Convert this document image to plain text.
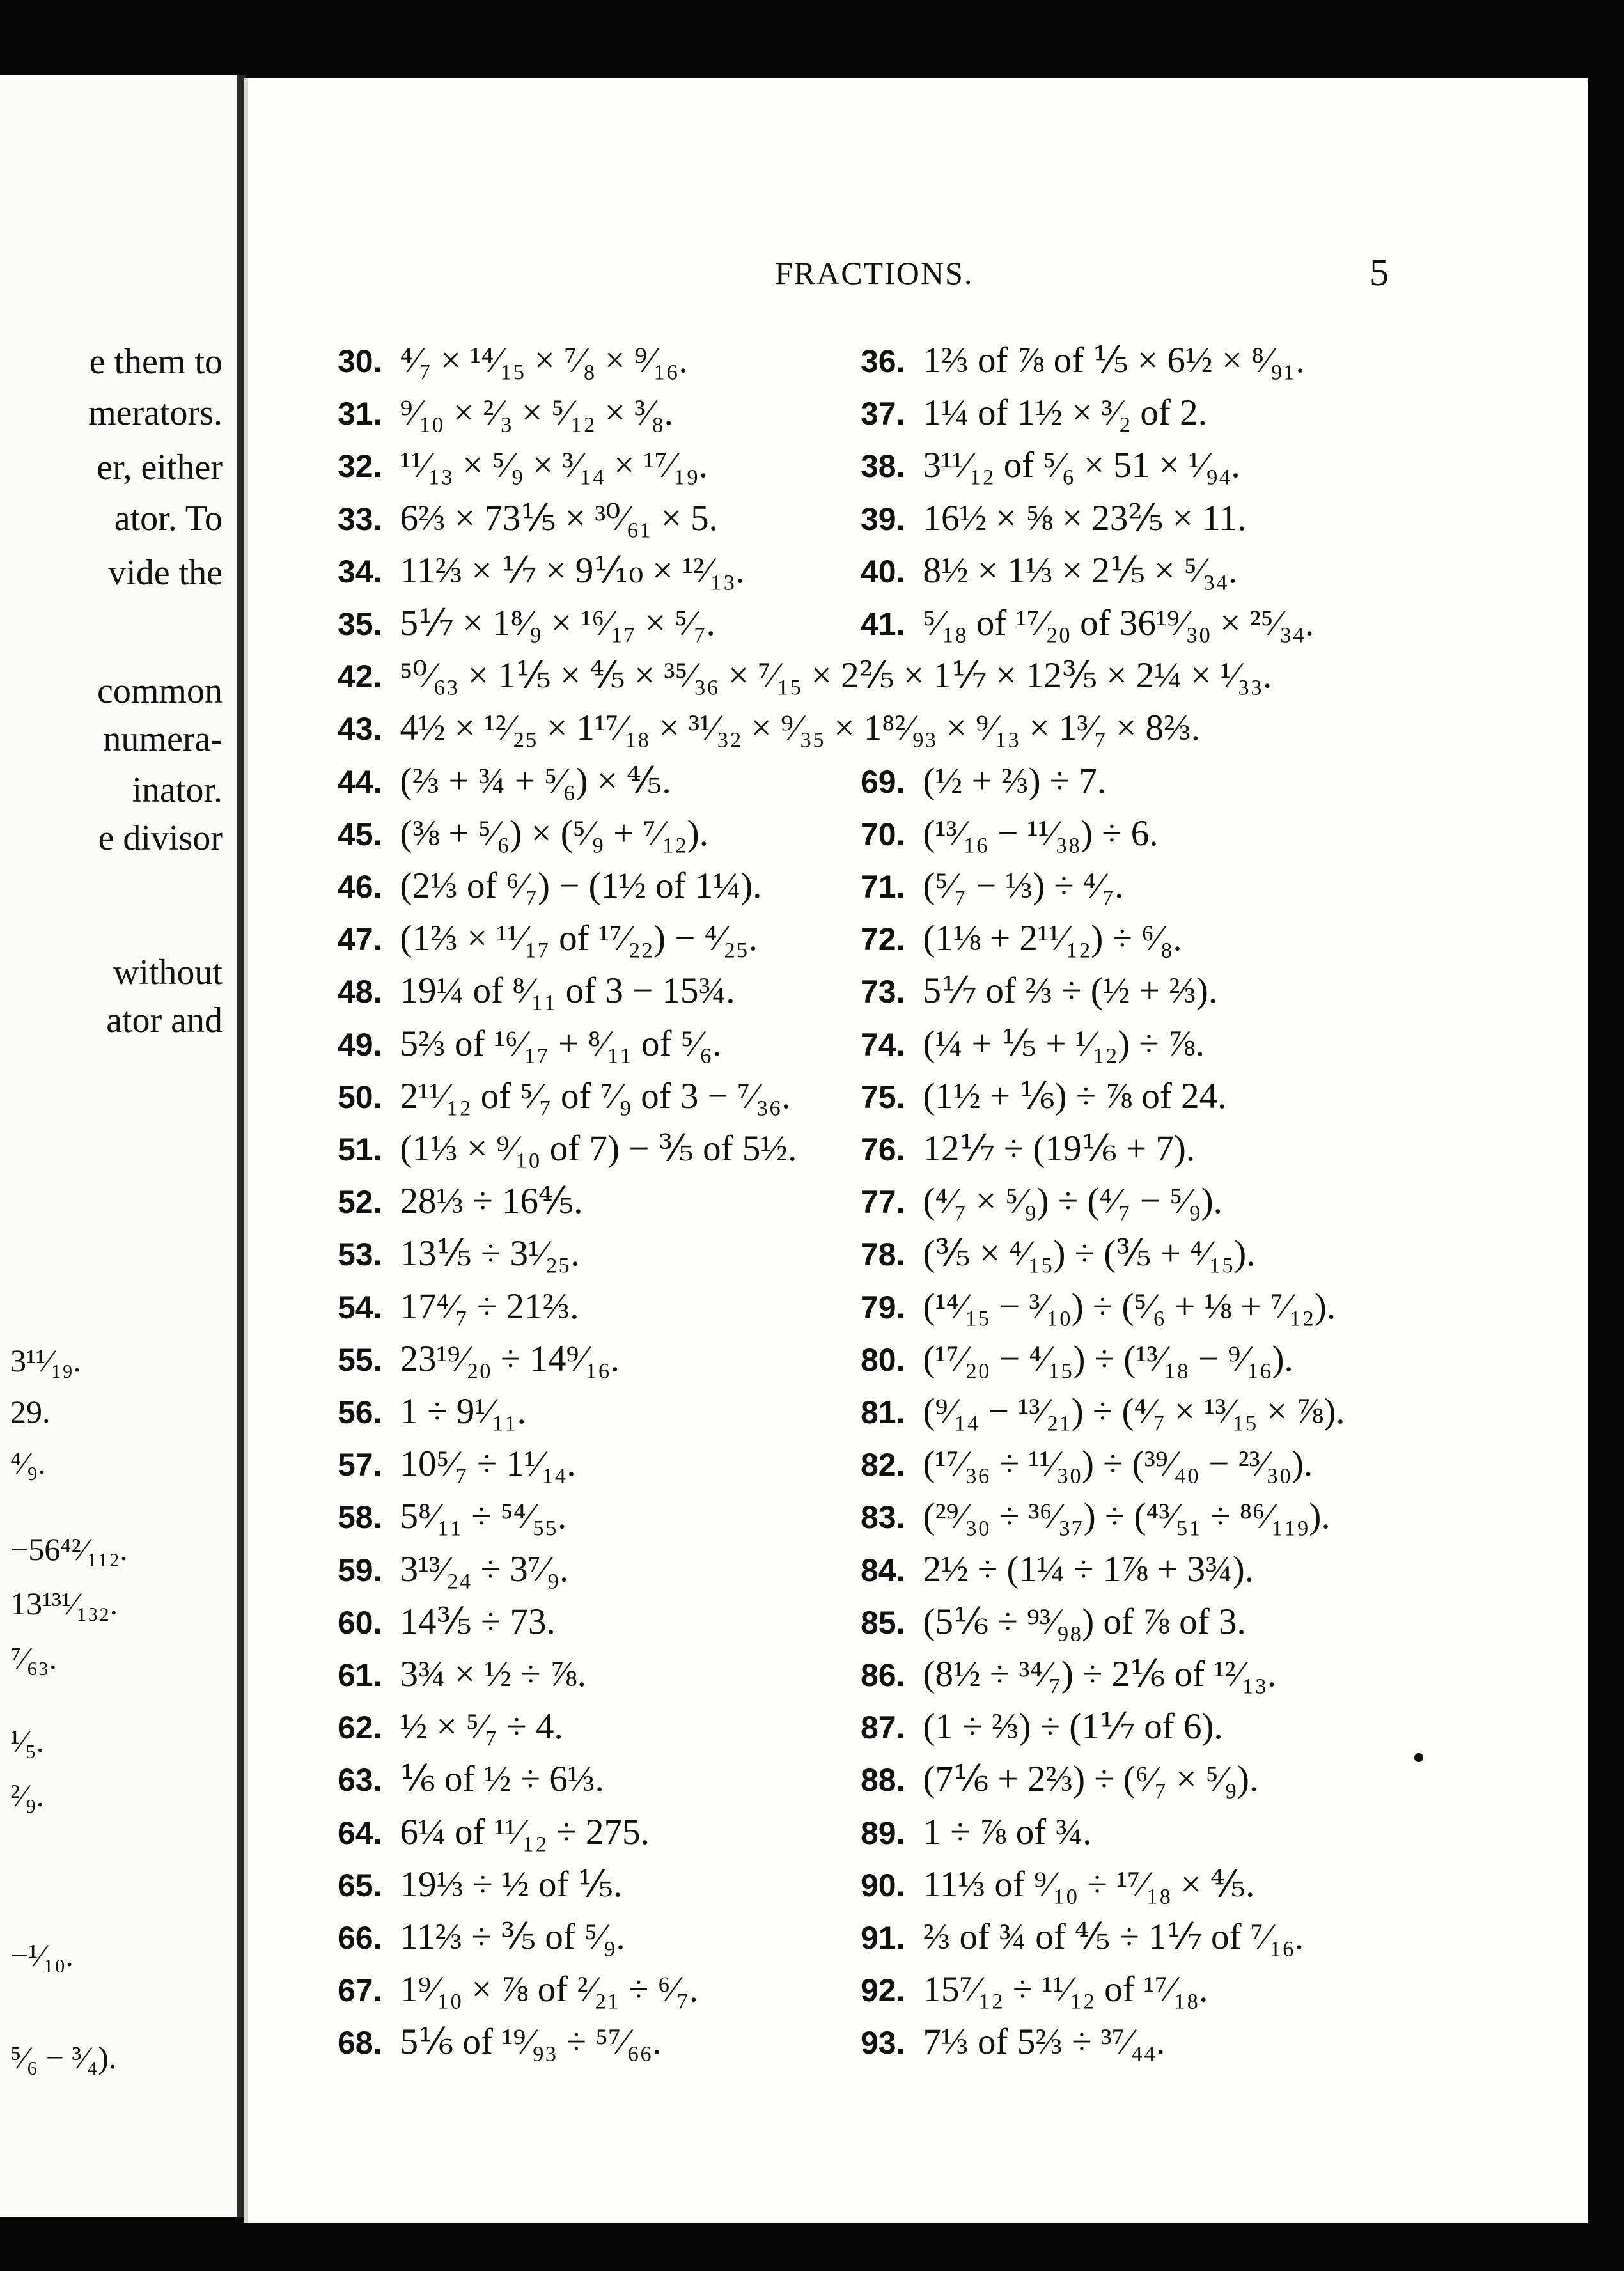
e them to
merators.
er, either
ator. To
vide the
common
numera-
inator.
e divisor
without
ator and
3¹¹⁄₁₉.
29.
⁴⁄₉.
−56⁴²⁄₁₁₂.
13¹³¹⁄₁₃₂.
⁷⁄₆₃.
¹⁄₅.
²⁄₉.
−¹⁄₁₀.
⁵⁄₆ − ³⁄₄).
FRACTIONS.	5
30. ⁴⁄₇ × ¹⁴⁄₁₅ × ⁷⁄₈ × ⁹⁄₁₆.
31. ⁹⁄₁₀ × ²⁄₃ × ⁵⁄₁₂ × ³⁄₈.
32. ¹¹⁄₁₃ × ⁵⁄₉ × ³⁄₁₄ × ¹⁷⁄₁₉.
33. 6⅔ × 73⅕ × ³⁰⁄₆₁ × 5.
34. 11⅔ × ⅐ × 9⅒ × ¹²⁄₁₃.
35. 5⅐ × 1⁸⁄₉ × ¹⁶⁄₁₇ × ⁵⁄₇.
44. (⅔ + ¾ + ⁵⁄₆) × ⅘.
45. (⅜ + ⁵⁄₆) × (⁵⁄₉ + ⁷⁄₁₂).
46. (2⅓ of ⁶⁄₇) − (1½ of 1¼).
47. (1⅔ × ¹¹⁄₁₇ of ¹⁷⁄₂₂) − ⁴⁄₂₅.
48. 19¼ of ⁸⁄₁₁ of 3 − 15¾.
49. 5⅔ of ¹⁶⁄₁₇ + ⁸⁄₁₁ of ⁵⁄₆.
50. 2¹¹⁄₁₂ of ⁵⁄₇ of ⁷⁄₉ of 3 − ⁷⁄₃₆.
51. (1⅓ × ⁹⁄₁₀ of 7) − ⅗ of 5½.
52. 28⅓ ÷ 16⅘.
53. 13⅕ ÷ 3¹⁄₂₅.
54. 17⁴⁄₇ ÷ 21⅔.
55. 23¹⁹⁄₂₀ ÷ 14⁹⁄₁₆.
56. 1 ÷ 9¹⁄₁₁.
57. 10⁵⁄₇ ÷ 1¹⁄₁₄.
58. 5⁸⁄₁₁ ÷ ⁵⁴⁄₅₅.
59. 3¹³⁄₂₄ ÷ 3⁷⁄₉.
60. 14⅗ ÷ 73.
61. 3¾ × ½ ÷ ⅞.
62. ½ × ⁵⁄₇ ÷ 4.
63. ⅙ of ½ ÷ 6⅓.
64. 6¼ of ¹¹⁄₁₂ ÷ 275.
65. 19⅓ ÷ ½ of ⅕.
66. 11⅔ ÷ ⅗ of ⁵⁄₉.
67. 1⁹⁄₁₀ × ⅞ of ²⁄₂₁ ÷ ⁶⁄₇.
68. 5⅙ of ¹⁹⁄₉₃ ÷ ⁵⁷⁄₆₆.
36. 1⅔ of ⅞ of ⅕ × 6½ × ⁸⁄₉₁.
37. 1¼ of 1½ × ³⁄₂ of 2.
38. 3¹¹⁄₁₂ of ⁵⁄₆ × 51 × ¹⁄₉₄.
39. 16½ × ⅝ × 23⅖ × 11.
40. 8½ × 1⅓ × 2⅕ × ⁵⁄₃₄.
41. ⁵⁄₁₈ of ¹⁷⁄₂₀ of 36¹⁹⁄₃₀ × ²⁵⁄₃₄.
69. (½ + ⅔) ÷ 7.
70. (¹³⁄₁₆ − ¹¹⁄₃₈) ÷ 6.
71. (⁵⁄₇ − ⅓) ÷ ⁴⁄₇.
72. (1⅛ + 2¹¹⁄₁₂) ÷ ⁶⁄₈.
73. 5⅐ of ⅔ ÷ (½ + ⅔).
74. (¼ + ⅕ + ¹⁄₁₂) ÷ ⅞.
75. (1½ + ⅙) ÷ ⅞ of 24.
76. 12⅐ ÷ (19⅙ + 7).
77. (⁴⁄₇ × ⁵⁄₉) ÷ (⁴⁄₇ − ⁵⁄₉).
78. (⅗ × ⁴⁄₁₅) ÷ (⅗ + ⁴⁄₁₅).
79. (¹⁴⁄₁₅ − ³⁄₁₀) ÷ (⁵⁄₆ + ⅛ + ⁷⁄₁₂).
80. (¹⁷⁄₂₀ − ⁴⁄₁₅) ÷ (¹³⁄₁₈ − ⁹⁄₁₆).
81. (⁹⁄₁₄ − ¹³⁄₂₁) ÷ (⁴⁄₇ × ¹³⁄₁₅ × ⅞).
82. (¹⁷⁄₃₆ ÷ ¹¹⁄₃₀) ÷ (³⁹⁄₄₀ − ²³⁄₃₀).
83. (²⁹⁄₃₀ ÷ ³⁶⁄₃₇) ÷ (⁴³⁄₅₁ ÷ ⁸⁶⁄₁₁₉).
84. 2½ ÷ (1¼ ÷ 1⅞ + 3¾).
85. (5⅙ ÷ ⁹³⁄₉₈) of ⅞ of 3.
86. (8½ ÷ ³⁴⁄₇) ÷ 2⅙ of ¹²⁄₁₃.
87. (1 ÷ ⅔) ÷ (1⅐ of 6).
88. (7⅙ + 2⅔) ÷ (⁶⁄₇ × ⁵⁄₉).
89. 1 ÷ ⅞ of ¾.
90. 11⅓ of ⁹⁄₁₀ ÷ ¹⁷⁄₁₈ × ⅘.
91. ⅔ of ¾ of ⅘ ÷ 1⅐ of ⁷⁄₁₆.
92. 15⁷⁄₁₂ ÷ ¹¹⁄₁₂ of ¹⁷⁄₁₈.
93. 7⅓ of 5⅔ ÷ ³⁷⁄₄₄.
42. ⁵⁰⁄₆₃ × 1⅕ × ⅘ × ³⁵⁄₃₆ × ⁷⁄₁₅ × 2⅖ × 1⅐ × 12⅗ × 2¼ × ¹⁄₃₃.
43. 4½ × ¹²⁄₂₅ × 1¹⁷⁄₁₈ × ³¹⁄₃₂ × ⁹⁄₃₅ × 1⁸²⁄₉₃ × ⁹⁄₁₃ × 1³⁄₇ × 8⅔.
